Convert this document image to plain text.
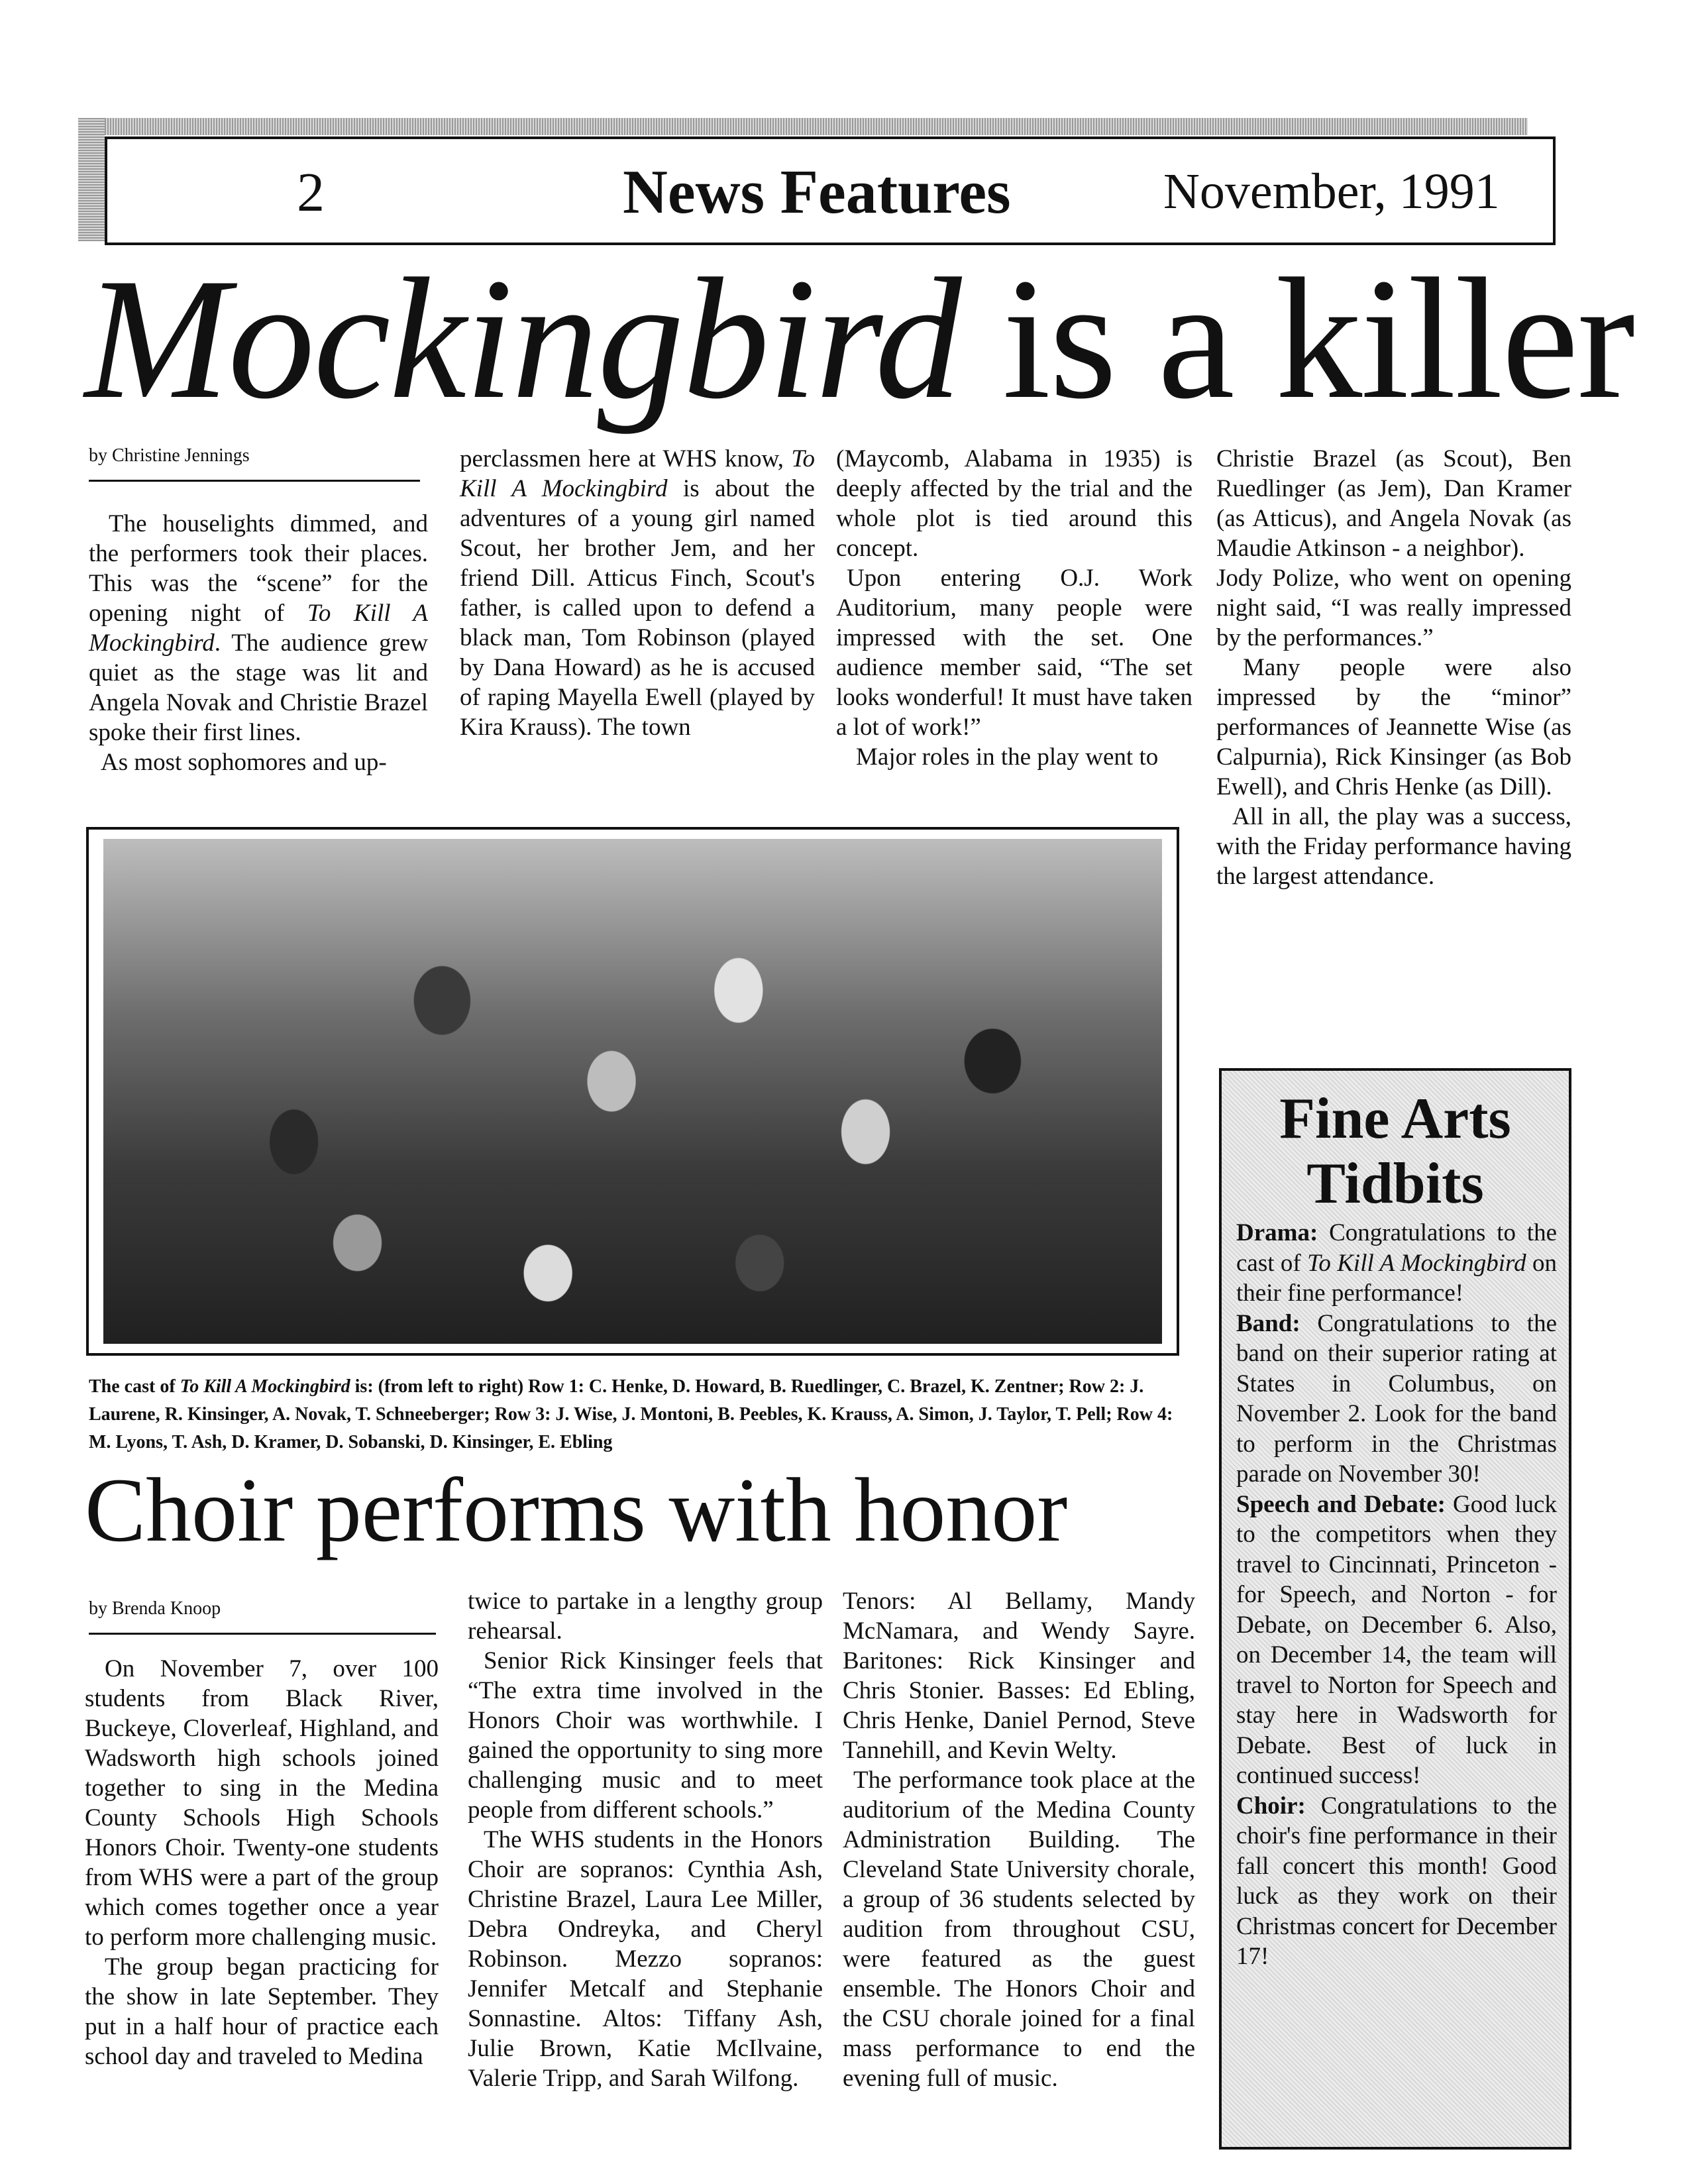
2	News Features	November, 1991
Mockingbird is a killer
by Christine Jennings
The houselights dimmed, and the performers took their places. This was the “scene” for the opening night of To Kill A Mockingbird. The audience grew quiet as the stage was lit and Angela Novak and Christie Brazel spoke their first lines.
As most sophomores and up-
perclassmen here at WHS know, To Kill A Mockingbird is about the adventures of a young girl named Scout, her brother Jem, and her friend Dill. Atticus Finch, Scout's father, is called upon to defend a black man, Tom Robinson (played by Dana Howard) as he is accused of raping Mayella Ewell (played by Kira Krauss). The town
(Maycomb, Alabama in 1935) is deeply affected by the trial and the whole plot is tied around this concept.
Upon entering O.J. Work Auditorium, many people were impressed with the set. One audience member said, “The set looks wonderful! It must have taken a lot of work!”
Major roles in the play went to
Christie Brazel (as Scout), Ben Ruedlinger (as Jem), Dan Kramer (as Atticus), and Angela Novak (as Maudie Atkinson - a neighbor).
Jody Polize, who went on opening night said, “I was really impressed by the performances.”
Many people were also impressed by the “minor” performances of Jeannette Wise (as Calpurnia), Rick Kinsinger (as Bob Ewell), and Chris Henke (as Dill).
All in all, the play was a success, with the Friday performance having the largest attendance.
The cast of To Kill A Mockingbird is: (from left to right) Row 1: C. Henke, D. Howard, B. Ruedlinger, C. Brazel, K. Zentner; Row 2: J. Laurene, R. Kinsinger, A. Novak, T. Schneeberger; Row 3: J. Wise, J. Montoni, B. Peebles, K. Krauss, A. Simon, J. Taylor, T. Pell; Row 4: M. Lyons, T. Ash, D. Kramer, D. Sobanski, D. Kinsinger, E. Ebling
Choir performs with honor
by Brenda Knoop
On November 7, over 100 students from Black River, Buckeye, Cloverleaf, Highland, and Wadsworth high schools joined together to sing in the Medina County Schools High Schools Honors Choir. Twenty-one students from WHS were a part of the group which comes together once a year to perform more challenging music.
The group began practicing for the show in late September. They put in a half hour of practice each school day and traveled to Medina
twice to partake in a lengthy group rehearsal.
Senior Rick Kinsinger feels that “The extra time involved in the Honors Choir was worthwhile. I gained the opportunity to sing more challenging music and to meet people from different schools.”
The WHS students in the Honors Choir are sopranos: Cynthia Ash, Christine Brazel, Laura Lee Miller, Debra Ondreyka, and Cheryl Robinson. Mezzo sopranos: Jennifer Metcalf and Stephanie Sonnastine. Altos: Tiffany Ash, Julie Brown, Katie McIlvaine, Valerie Tripp, and Sarah Wilfong.
Tenors: Al Bellamy, Mandy McNamara, and Wendy Sayre. Baritones: Rick Kinsinger and Chris Stonier. Basses: Ed Ebling, Chris Henke, Daniel Pernod, Steve Tannehill, and Kevin Welty.
The performance took place at the auditorium of the Medina County Administration Building. The Cleveland State University chorale, a group of 36 students selected by audition from throughout CSU, were featured as the guest ensemble. The Honors Choir and the CSU chorale joined for a final mass performance to end the evening full of music.
Fine Arts
Tidbits
Drama: Congratulations to the cast of To Kill A Mockingbird on their fine performance!
Band: Congratulations to the band on their superior rating at States in Columbus, on November 2. Look for the band to perform in the Christmas parade on November 30!
Speech and Debate: Good luck to the competitors when they travel to Cincinnati, Princeton - for Speech, and Norton - for Debate, on December 6. Also, on December 14, the team will travel to Norton for Speech and stay here in Wadsworth for Debate. Best of luck in continued success!
Choir: Congratulations to the choir's fine performance in their fall concert this month! Good luck as they work on their Christmas concert for December 17!
